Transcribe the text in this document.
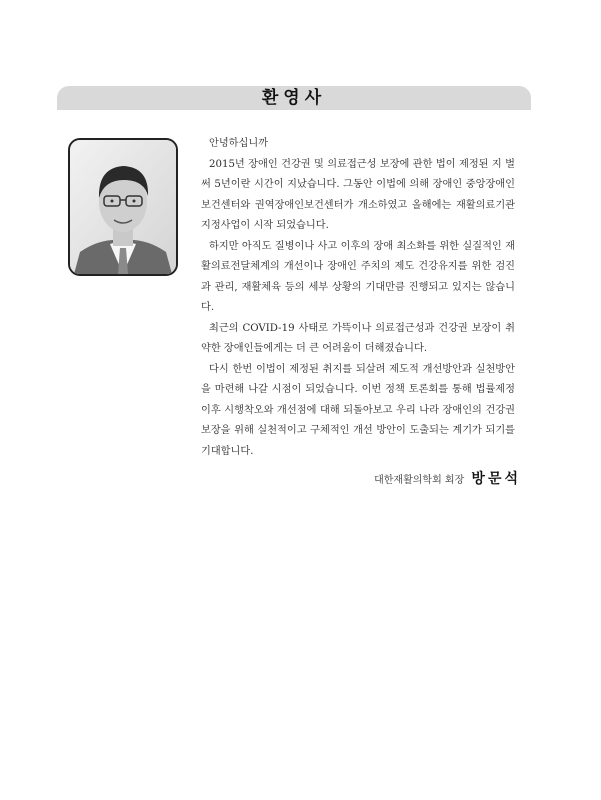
환영사

안녕하십니까

2015년 장애인 건강권 및 의료접근성 보장에 관한 법이 제정된 지 벌써 5년이란 시간이 지났습니다. 그동안 이법에 의해 장애인 중앙장애인보건센터와 권역장애인보건센터가 개소하였고 올해에는 재활의료기관 지정사업이 시작 되었습니다.

하지만 아직도 질병이나 사고 이후의 장애 최소화를 위한 실질적인 재활의료전달체계의 개선이나 장애인 주치의 제도 건강유지를 위한 검진과 관리, 재활체육 등의 세부 상황의 기대만큼 진행되고 있지는 않습니다.

최근의 COVID-19 사태로 가뜩이나 의료접근성과 건강권 보장이 취약한 장애인들에게는 더 큰 어려움이 더해졌습니다.

다시 한번 이법이 제정된 취지를 되살려 제도적 개선방안과 실천방안을 마련해 나갈 시점이 되었습니다. 이번 정책 토론회를 통해 법률제정이후 시행착오와 개선점에 대해 되돌아보고 우리 나라 장애인의 건강권 보장을 위해 실천적이고 구체적인 개선 방안이 도출되는 계기가 되기를 기대합니다.

대한재활의학회 회장 방문석
